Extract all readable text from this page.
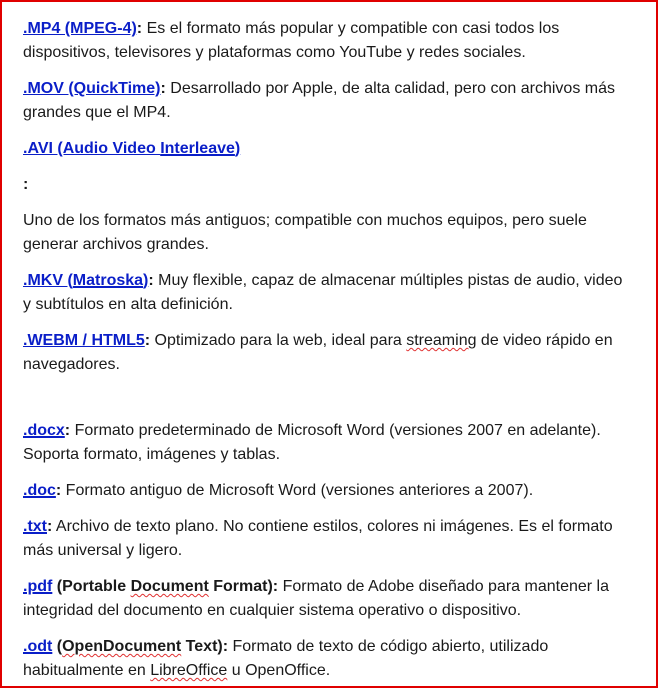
.MP4 (MPEG-4): Es el formato más popular y compatible con casi todos los dispositivos, televisores y plataformas como YouTube y redes sociales.
.MOV (QuickTime): Desarrollado por Apple, de alta calidad, pero con archivos más grandes que el MP4.
.AVI (Audio Video Interleave)
:
Uno de los formatos más antiguos; compatible con muchos equipos, pero suele generar archivos grandes.
.MKV (Matroska): Muy flexible, capaz de almacenar múltiples pistas de audio, video y subtítulos en alta definición.
.WEBM / HTML5: Optimizado para la web, ideal para streaming de video rápido en navegadores.
.docx: Formato predeterminado de Microsoft Word (versiones 2007 en adelante). Soporta formato, imágenes y tablas.
.doc: Formato antiguo de Microsoft Word (versiones anteriores a 2007).
.txt: Archivo de texto plano. No contiene estilos, colores ni imágenes. Es el formato más universal y ligero.
.pdf (Portable Document Format): Formato de Adobe diseñado para mantener la integridad del documento en cualquier sistema operativo o dispositivo.
.odt (OpenDocument Text): Formato de texto de código abierto, utilizado habitualmente en LibreOffice u OpenOffice.
